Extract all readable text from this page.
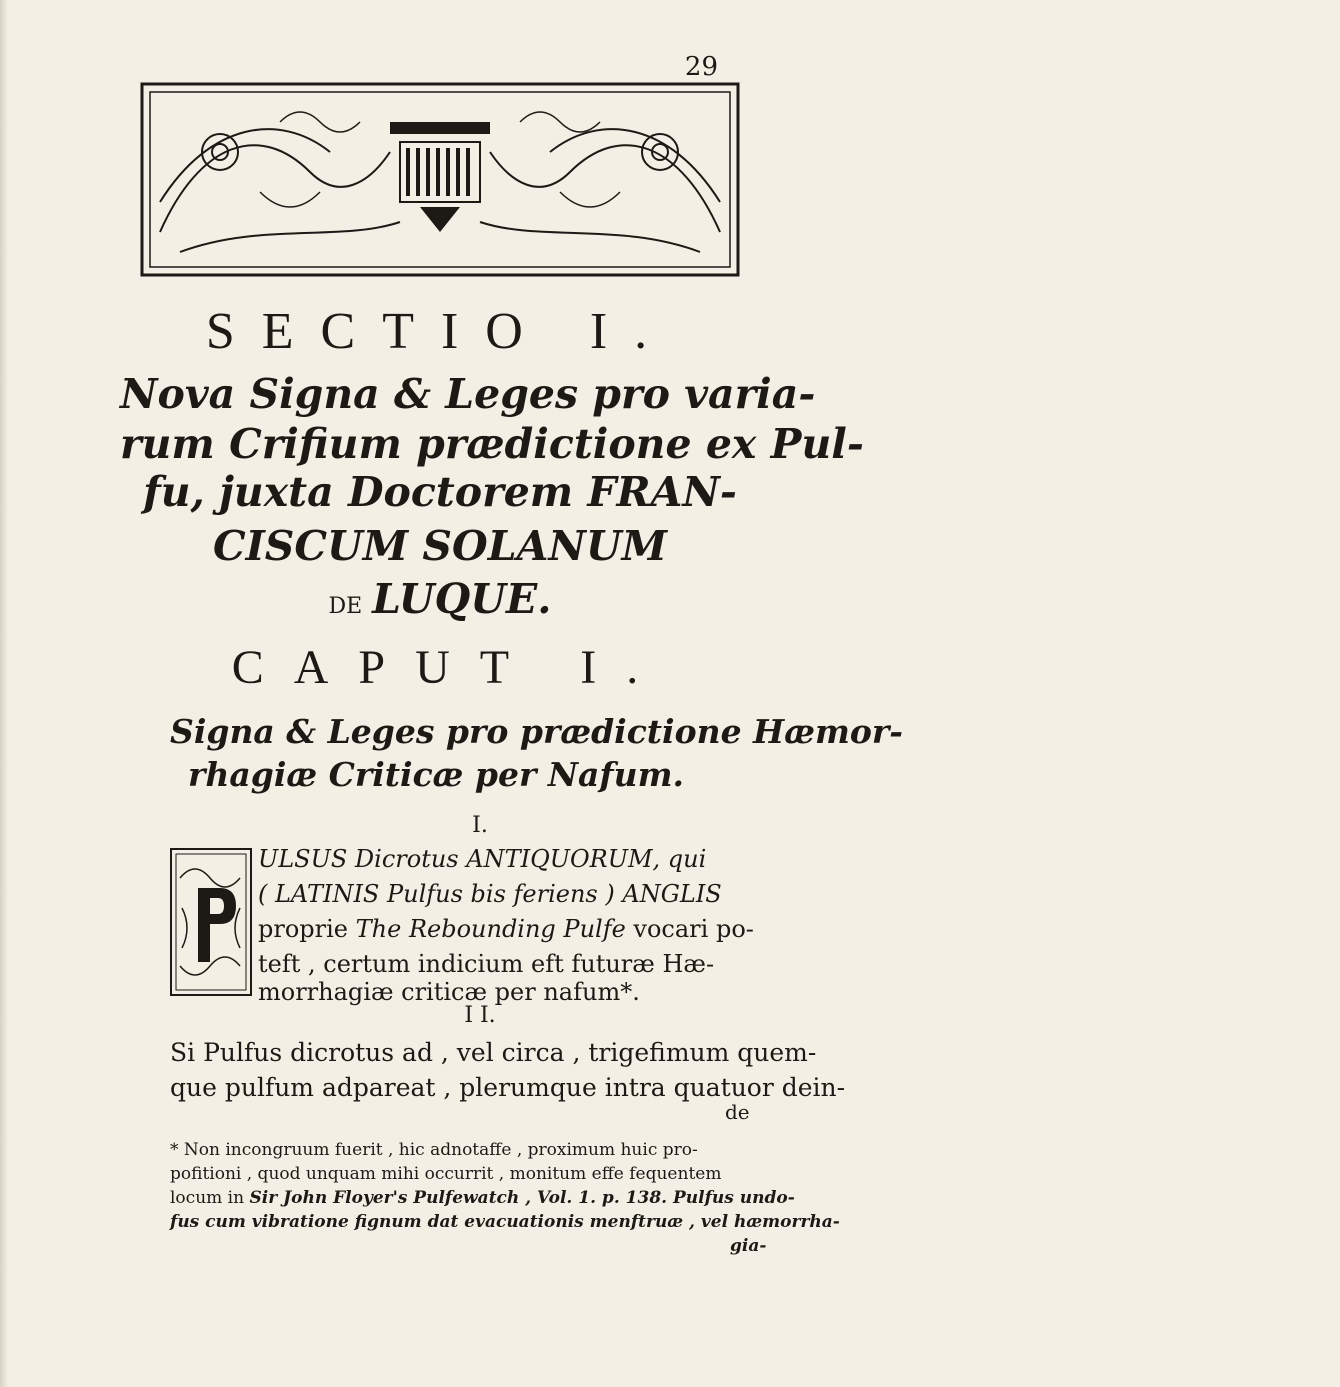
29
SECTIO I.
Nova Signa & Leges pro varia-
rum Crifium prædictione ex Pul-
fu, juxta Doctorem FRAN-
CISCUM SOLANUM
DE LUQUE.
CAPUT I.
Signa & Leges pro prædictione Hæmor-
rhagiæ Criticæ per Nafum.
I.
ULSUS Dicrotus ANTIQUORUM, qui
( LATINIS Pulfus bis feriens ) ANGLIS
proprie The Rebounding Pulfe vocari po-
teft , certum indicium eft futuræ Hæ-
I I.
Si Pulfus dicrotus ad , vel circa , trigefimum quem-
que pulfum adpareat , plerumque intra quatuor dein-
de
* Non incongruum fuerit , hic adnotaffe , proximum huic pro-
pofitioni , quod unquam mihi occurrit , monitum effe fequentem
locum in Sir John Floyer's Pulfewatch , Vol. 1. p. 138. Pulfus undo-
fus cum vibratione fignum dat evacuationis menftruæ , vel hæmorrha-
gia-
morrhagiæ criticæ per nafum*.
